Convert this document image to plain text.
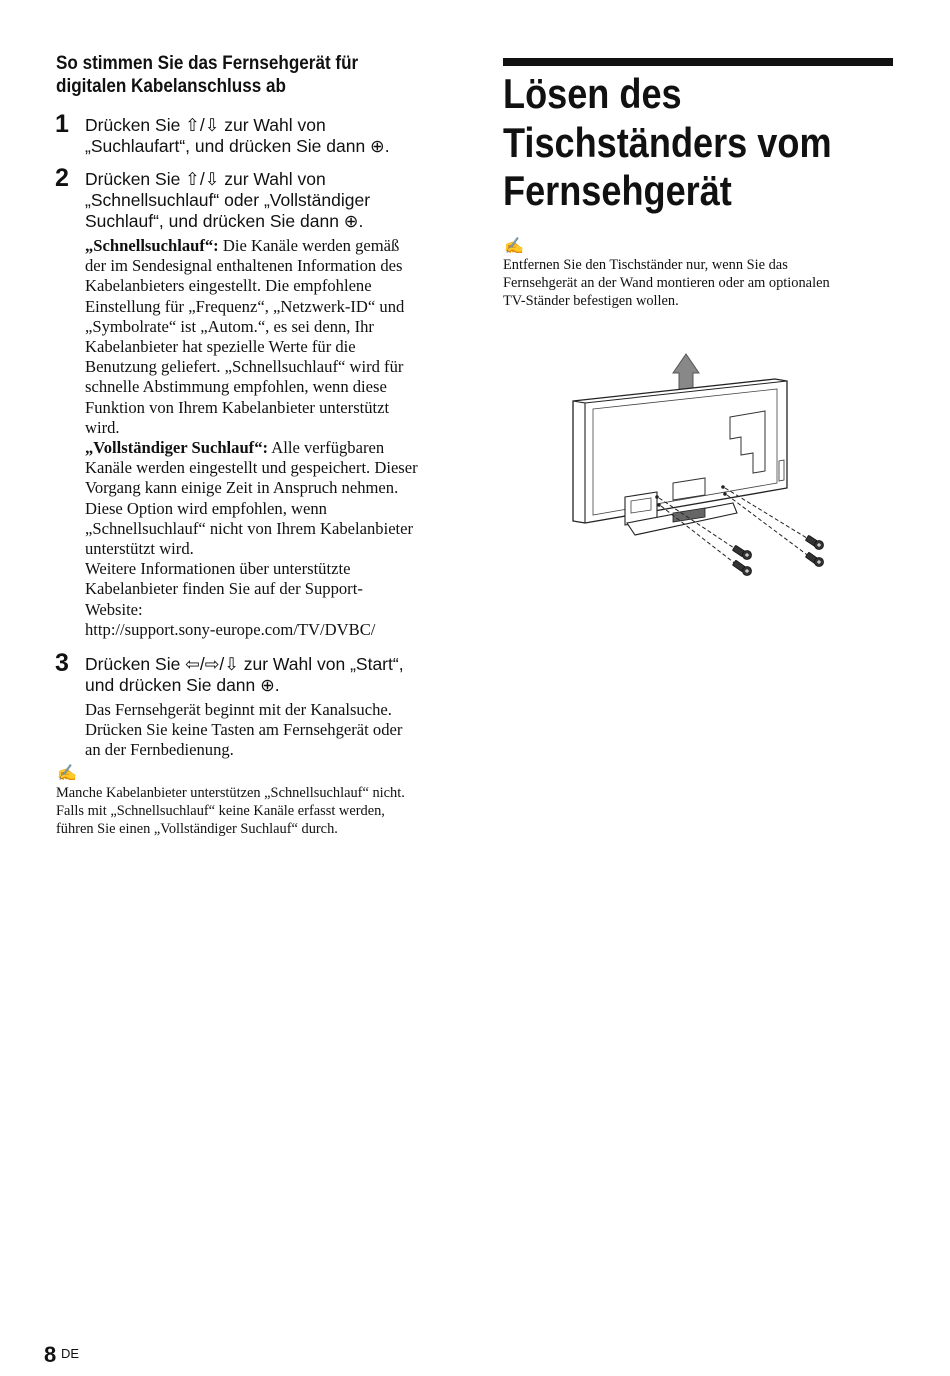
So stimmen Sie das Fernsehgerät für digitalen Kabelanschluss ab
1 Drücken Sie ⇧/⇩ zur Wahl von
„Suchlaufart“, und drücken Sie dann ⊕.
2 Drücken Sie ⇧/⇩ zur Wahl von
„Schnellsuchlauf“ oder „Vollständiger
Suchlauf“, und drücken Sie dann ⊕.
„Schnellsuchlauf“: Die Kanäle werden gemäß
der im Sendesignal enthaltenen Information des
Kabelanbieters eingestellt. Die empfohlene
Einstellung für „Frequenz“, „Netzwerk-ID“ und
„Symbolrate“ ist „Autom.“, es sei denn, Ihr
Kabelanbieter hat spezielle Werte für die
Benutzung geliefert. „Schnellsuchlauf“ wird für
schnelle Abstimmung empfohlen, wenn diese
Funktion von Ihrem Kabelanbieter unterstützt
wird.
„Vollständiger Suchlauf“: Alle verfügbaren
Kanäle werden eingestellt und gespeichert. Dieser
Vorgang kann einige Zeit in Anspruch nehmen.
Diese Option wird empfohlen, wenn
„Schnellsuchlauf“ nicht von Ihrem Kabelanbieter
unterstützt wird.
Weitere Informationen über unterstützte
Kabelanbieter finden Sie auf der Support-
Website:
http://support.sony-europe.com/TV/DVBC/
3 Drücken Sie ⇦/⇨/⇩ zur Wahl von „Start“,
und drücken Sie dann ⊕.
Das Fernsehgerät beginnt mit der Kanalsuche.
Drücken Sie keine Tasten am Fernsehgerät oder
an der Fernbedienung.
✍
Manche Kabelanbieter unterstützen „Schnellsuchlauf“ nicht.
Falls mit „Schnellsuchlauf“ keine Kanäle erfasst werden,
führen Sie einen „Vollständiger Suchlauf“ durch.
Lösen des
Tischständers vom
Fernsehgerät
✍
Entfernen Sie den Tischständer nur, wenn Sie das
Fernsehgerät an der Wand montieren oder am optionalen
TV-Ständer befestigen wollen.
8 DE
